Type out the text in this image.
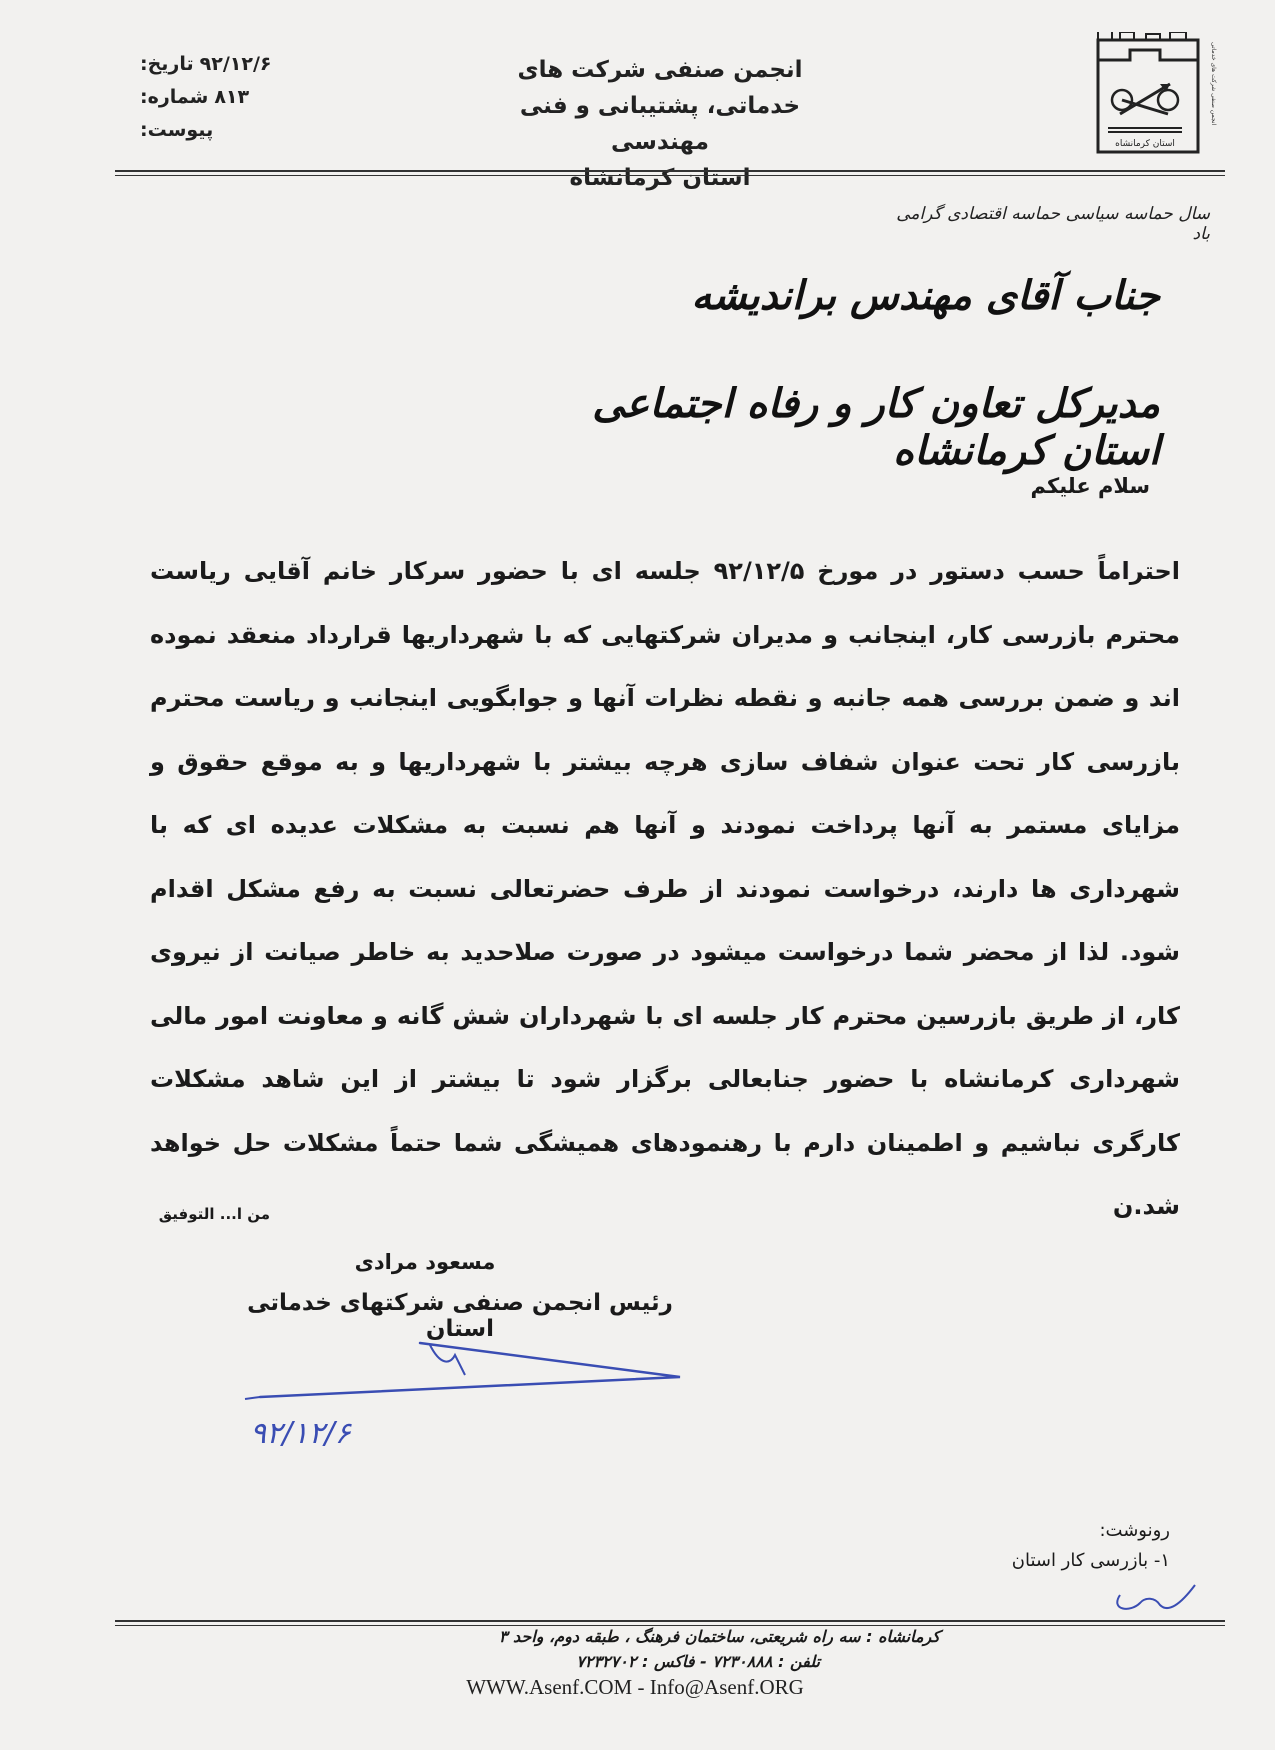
استان کرمانشاه
انجمن صنفی شرکت های خدماتی
انجمن صنفی شرکت های
خدماتی، پشتیبانی و فنی مهندسی
استان کرمانشاه
تاریخ: ۹۲/۱۲/۶
شماره: ۸۱۳
پیوست:
سال حماسه سیاسی حماسه اقتصادی گرامی باد
جناب آقای مهندس براندیشه
مدیرکل تعاون کار و رفاه اجتماعی استان کرمانشاه
سلام علیکم
احتراماً حسب دستور در مورخ ۹۲/۱۲/۵ جلسه ای با حضور سرکار خانم آقایی ریاست محترم بازرسی کار، اینجانب و مدیران شرکتهایی که با شهرداریها قرارداد منعقد نموده اند و ضمن بررسی همه جانبه و نقطه نظرات آنها و جوابگویی اینجانب و ریاست محترم بازرسی کار تحت عنوان شفاف سازی هرچه بیشتر با شهرداریها و به موقع حقوق و مزایای مستمر به آنها پرداخت نمودند و آنها هم نسبت به مشکلات عدیده ای که با شهرداری ها دارند، درخواست نمودند از طرف حضرتعالی نسبت به رفع مشکل اقدام شود. لذا از محضر شما درخواست میشود در صورت صلاحدید به خاطر صیانت از نیروی کار، از طریق بازرسین محترم کار جلسه ای با شهرداران شش گانه و معاونت امور مالی شهرداری کرمانشاه با حضور جنابعالی برگزار شود تا بیشتر از این شاهد مشکلات کارگری نباشیم و اطمینان دارم با رهنمودهای همیشگی شما حتماً مشکلات حل خواهد شد.ن
من ا... التوفیق
مسعود مرادی
رئیس انجمن صنفی شرکتهای خدماتی استان
۹۲/۱۲/۶
رونوشت:
۱- بازرسی کار استان
کرمانشاه : سه راه شریعتی، ساختمان فرهنگ ، طبقه دوم، واحد ۳
تلفن : ۷۲۳۰۸۸۸ - فاکس : ۷۲۳۲۷۰۲
WWW.Asenf.COM - Info@Asenf.ORG
